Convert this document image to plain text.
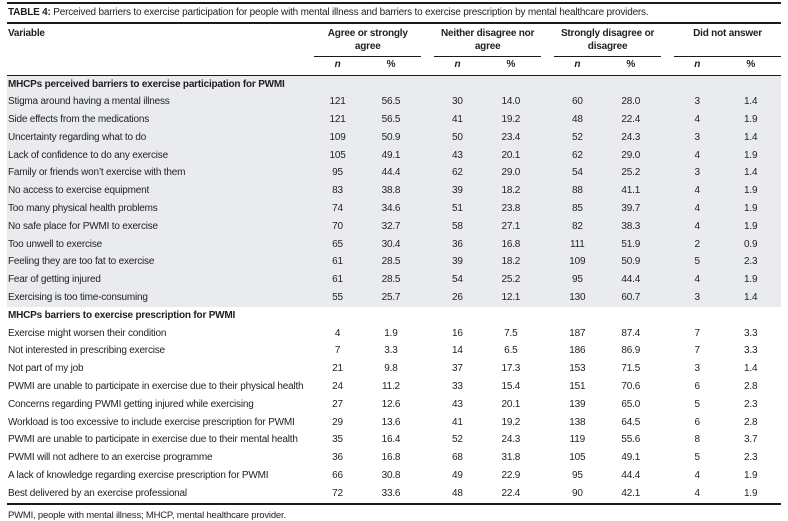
TABLE 4: Perceived barriers to exercise participation for people with mental illness and barriers to exercise prescription by mental healthcare providers.
Variable	Agree or strongly agree			Neither disagree nor agree			Strongly disagree or disagree			Did not answer	
	n	%		n	%		n	%		n	%
MHCPs perceived barriers to exercise participation for PWMI											
Stigma around having a mental illness	121	56.5		30	14.0		60	28.0		3	1.4
Side effects from the medications	121	56.5		41	19.2		48	22.4		4	1.9
Uncertainty regarding what to do	109	50.9		50	23.4		52	24.3		3	1.4
Lack of confidence to do any exercise	105	49.1		43	20.1		62	29.0		4	1.9
Family or friends won’t exercise with them	95	44.4		62	29.0		54	25.2		3	1.4
No access to exercise equipment	83	38.8		39	18.2		88	41.1		4	1.9
Too many physical health problems	74	34.6		51	23.8		85	39.7		4	1.9
No safe place for PWMI to exercise	70	32.7		58	27.1		82	38.3		4	1.9
Too unwell to exercise	65	30.4		36	16.8		111	51.9		2	0.9
Feeling they are too fat to exercise	61	28.5		39	18.2		109	50.9		5	2.3
Fear of getting injured	61	28.5		54	25.2		95	44.4		4	1.9
Exercising is too time-consuming	55	25.7		26	12.1		130	60.7		3	1.4
MHCPs barriers to exercise prescription for PWMI											
Exercise might worsen their condition	4	1.9		16	7.5		187	87.4		7	3.3
Not interested in prescribing exercise	7	3.3		14	6.5		186	86.9		7	3.3
Not part of my job	21	9.8		37	17.3		153	71.5		3	1.4
PWMI are unable to participate in exercise due to their physical health	24	11.2		33	15.4		151	70.6		6	2.8
Concerns regarding PWMI getting injured while exercising	27	12.6		43	20.1		139	65.0		5	2.3
Workload is too excessive to include exercise prescription for PWMI	29	13.6		41	19.2		138	64.5		6	2.8
PWMI are unable to participate in exercise due to their mental health	35	16.4		52	24.3		119	55.6		8	3.7
PWMI will not adhere to an exercise programme	36	16.8		68	31.8		105	49.1		5	2.3
A lack of knowledge regarding exercise prescription for PWMI	66	30.8		49	22.9		95	44.4		4	1.9
Best delivered by an exercise professional	72	33.6		48	22.4		90	42.1		4	1.9
PWMI, people with mental illness; MHCP, mental healthcare provider.
